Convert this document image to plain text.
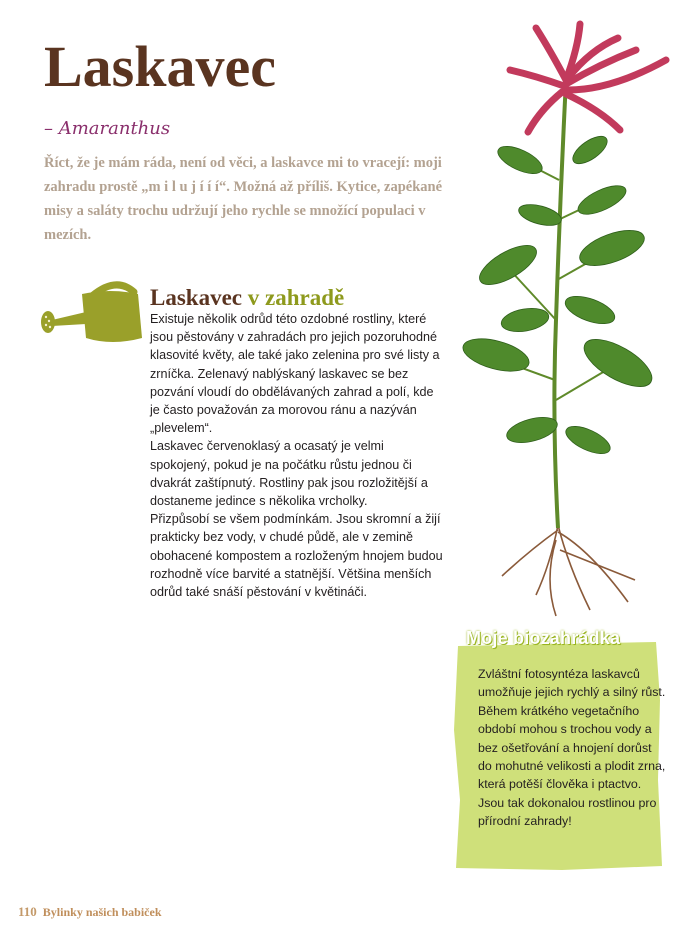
Laskavec
– Amaranthus

Říct, že je mám ráda, není od věci, a laskavce mi to vracejí: moji zahradu prostě „m i l u j í í í“. Možná až příliš. Kytice, zapékané misy a saláty trochu udržují jeho rychle se množící populaci v mezích.

Laskavec v zahradě

Existuje několik odrůd této ozdobné rostliny, které jsou pěstovány v zahradách pro jejich pozoruhodné klasovité květy, ale také jako zelenina pro své listy a zrníčka. Zelenavý nablýskaný laskavec se bez pozvání vloudí do obdělávaných zahrad a polí, kde je často považován za morovou ránu a nazýván „plevelem“.

Laskavec červenoklasý a ocasatý je velmi spokojený, pokud je na počátku růstu jednou či dvakrát zaštípnutý. Rostliny pak jsou rozložitější a dostaneme jedince s několika vrcholky.

Přizpůsobí se všem podmínkám. Jsou skromní a žijí prakticky bez vody, v chudé půdě, ale v zemině obohacené kompostem a rozloženým hnojem budou rozhodně více barvité a statnější. Většina menších odrůd také snáší pěstování v květináči.

Moje biozahrádka
Zvláštní fotosyntéza laskavců umožňuje jejich rychlý a silný růst. Během krátkého vegetačního období mohou s trochou vody a bez ošetřování a hnojení dorůst do mohutné velikosti a plodit zrna, která potěší člověka i ptactvo. Jsou tak dokonalou rostlinou pro přírodní zahrady!
110 Bylinky našich babiček
